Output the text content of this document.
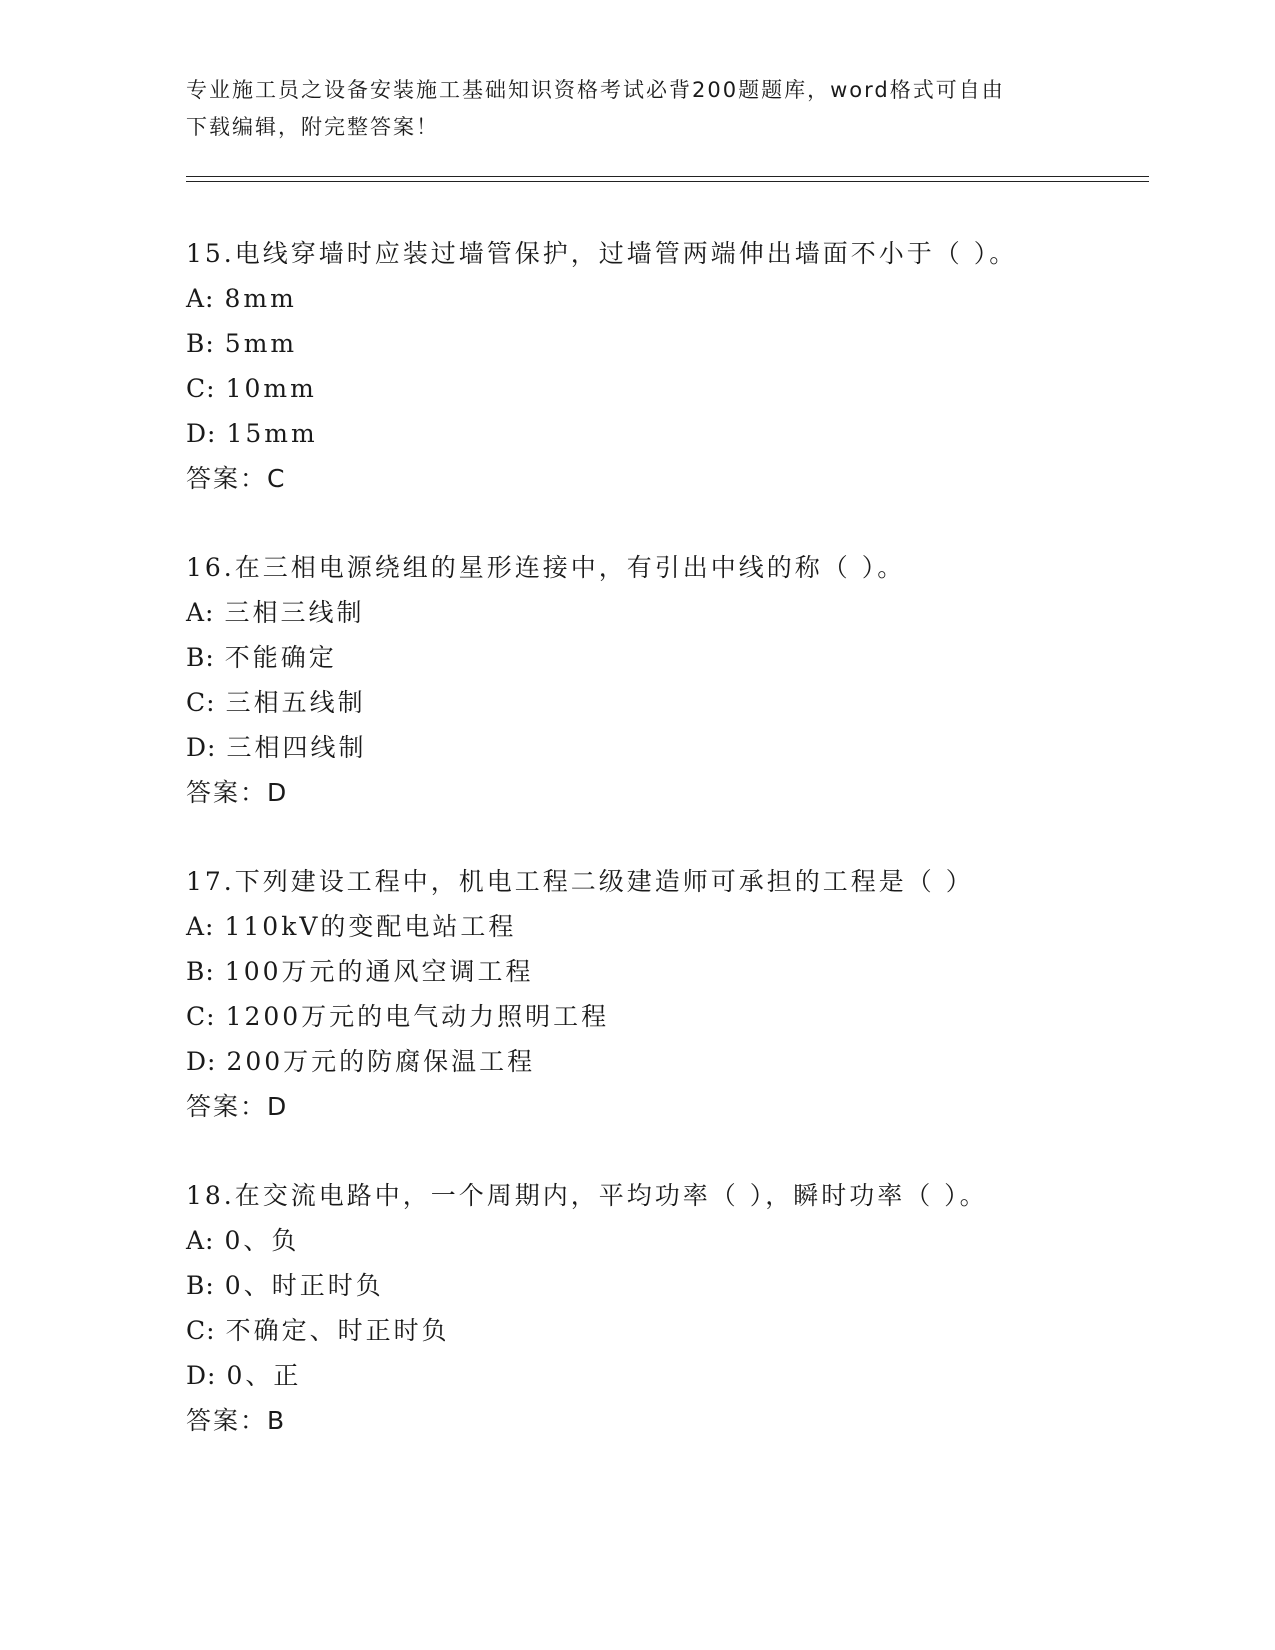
专业施工员之设备安装施工基础知识资格考试必背200题题库，word格式可自由
下载编辑，附完整答案！
15.电线穿墙时应装过墙管保护，过墙管两端伸出墙面不小于（ ）。
A: 8mm
B: 5mm
C: 10mm
D: 15mm
答案：C
16.在三相电源绕组的星形连接中，有引出中线的称（ ）。
A: 三相三线制
B: 不能确定
C: 三相五线制
D: 三相四线制
答案：D
17.下列建设工程中，机电工程二级建造师可承担的工程是（ ）
A: 110kV的变配电站工程
B: 100万元的通风空调工程
C: 1200万元的电气动力照明工程
D: 200万元的防腐保温工程
答案：D
18.在交流电路中，一个周期内，平均功率（ ），瞬时功率（ ）。
A: 0、负
B: 0、时正时负
C: 不确定、时正时负
D: 0、正
答案：B
